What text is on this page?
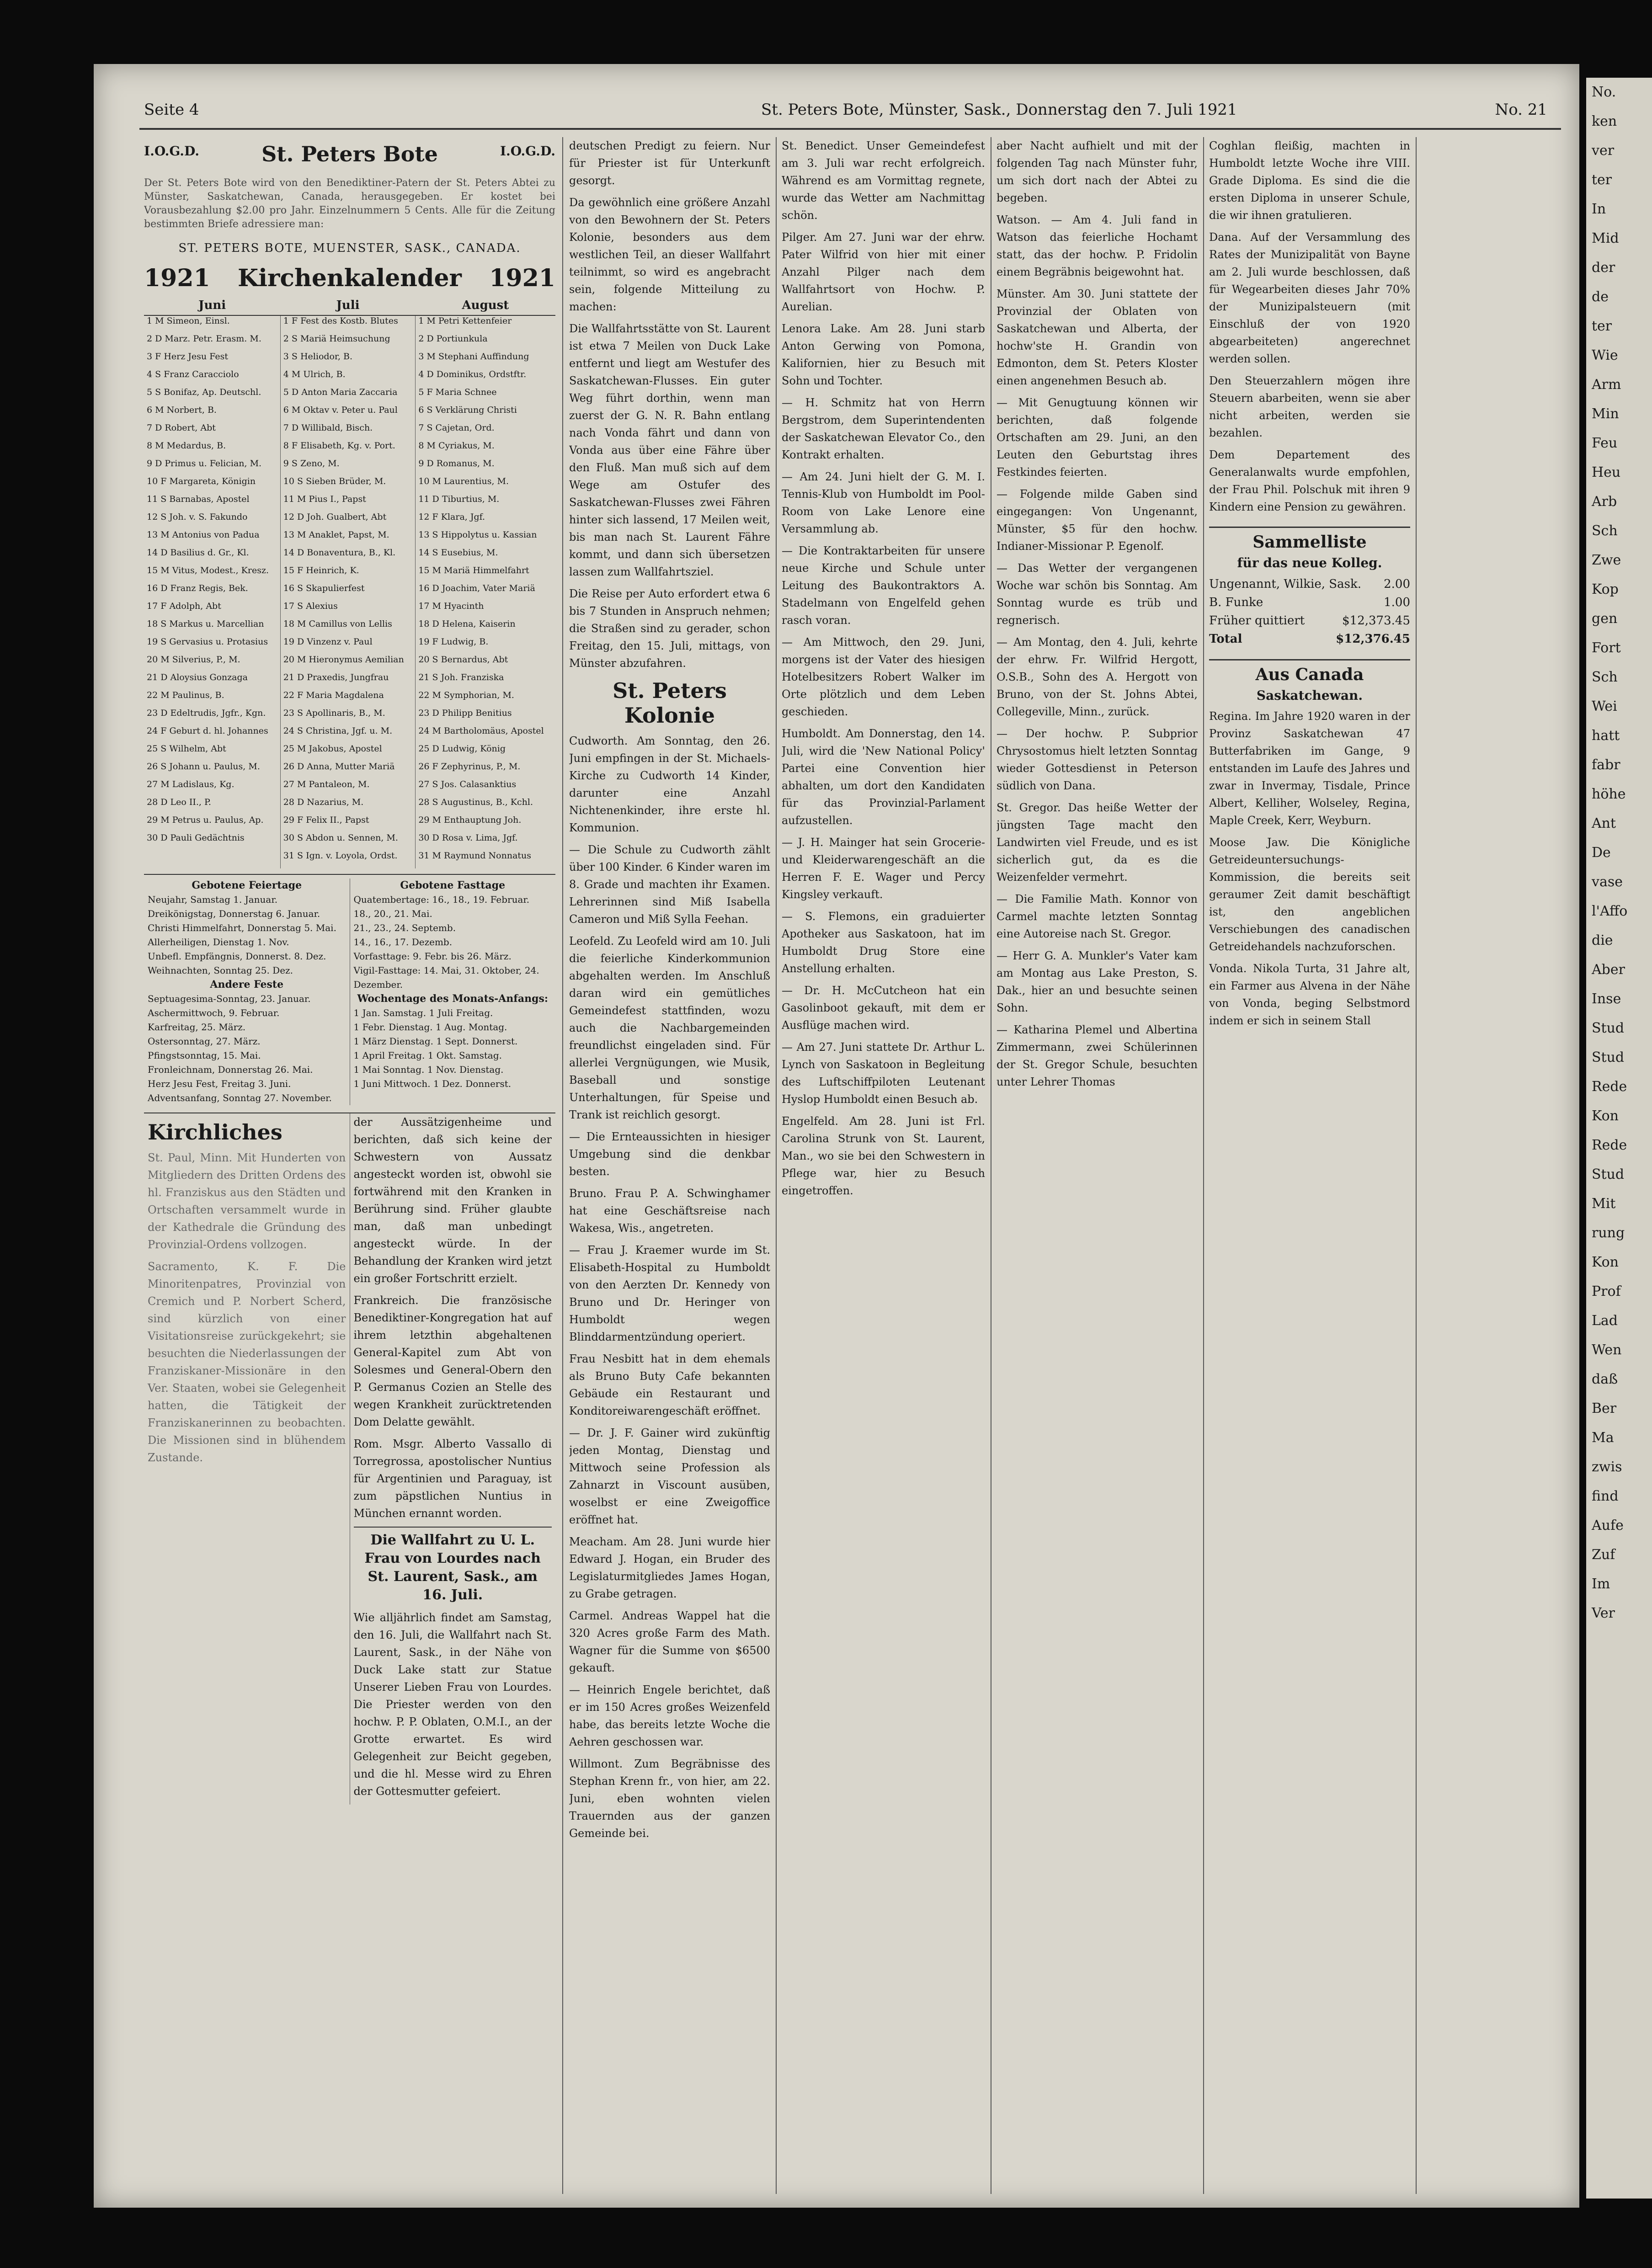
Seite 4	St. Peters Bote, Münster, Sask., Donnerstag den 7. Juli 1921	No. 21
I.O.G.D.	St. Peters Bote	I.O.G.D.

Der St. Peters Bote wird von den Benediktiner-Patern der St. Peters Abtei zu Münster, Saskatchewan, Canada, herausgegeben. Er kostet bei Vorausbezahlung $2.00 pro Jahr. Einzelnummern 5 Cents. Alle für die Zeitung bestimmten Briefe adressiere man:

ST. PETERS BOTE, MUENSTER, SASK., CANADA.
1921 Kirchenkalender 1921
Juni	Juli	August
1 M Simeon, Einsl.	1 F Fest des Kostb. Blutes	1 M Petri Kettenfeier
2 D Marz. Petr. Erasm. M.	2 S Mariä Heimsuchung	2 D Portiunkula
3 F Herz Jesu Fest	3 S Heliodor, B.	3 M Stephani Auffindung
4 S Franz Caracciolo	4 M Ulrich, B.	4 D Dominikus, Ordstftr.
5 S Bonifaz, Ap. Deutschl.	5 D Anton Maria Zaccaria	5 F Maria Schnee
6 M Norbert, B.	6 M Oktav v. Peter u. Paul	6 S Verklärung Christi
7 D Robert, Abt	7 D Willibald, Bisch.	7 S Cajetan, Ord.
8 M Medardus, B.	8 F Elisabeth, Kg. v. Port.	8 M Cyriakus, M.
9 D Primus u. Felician, M.	9 S Zeno, M.	9 D Romanus, M.
10 F Margareta, Königin	10 S Sieben Brüder, M.	10 M Laurentius, M.
11 S Barnabas, Apostel	11 M Pius I., Papst	11 D Tiburtius, M.
12 S Joh. v. S. Fakundo	12 D Joh. Gualbert, Abt	12 F Klara, Jgf.
13 M Antonius von Padua	13 M Anaklet, Papst, M.	13 S Hippolytus u. Kassian
14 D Basilius d. Gr., Kl.	14 D Bonaventura, B., Kl.	14 S Eusebius, M.
15 M Vitus, Modest., Kresz.	15 F Heinrich, K.	15 M Mariä Himmelfahrt
16 D Franz Regis, Bek.	16 S Skapulierfest	16 D Joachim, Vater Mariä
17 F Adolph, Abt	17 S Alexius	17 M Hyacinth
18 S Markus u. Marcellian	18 M Camillus von Lellis	18 D Helena, Kaiserin
19 S Gervasius u. Protasius	19 D Vinzenz v. Paul	19 F Ludwig, B.
20 M Silverius, P., M.	20 M Hieronymus Aemilian	20 S Bernardus, Abt
21 D Aloysius Gonzaga	21 D Praxedis, Jungfrau	21 S Joh. Franziska
22 M Paulinus, B.	22 F Maria Magdalena	22 M Symphorian, M.
23 D Edeltrudis, Jgfr., Kgn.	23 S Apollinaris, B., M.	23 D Philipp Benitius
24 F Geburt d. hl. Johannes	24 S Christina, Jgf. u. M.	24 M Bartholomäus, Apostel
25 S Wilhelm, Abt	25 M Jakobus, Apostel	25 D Ludwig, König
26 S Johann u. Paulus, M.	26 D Anna, Mutter Mariä	26 F Zephyrinus, P., M.
27 M Ladislaus, Kg.	27 M Pantaleon, M.	27 S Jos. Calasanktius
28 D Leo II., P.	28 D Nazarius, M.	28 S Augustinus, B., Kchl.
29 M Petrus u. Paulus, Ap.	29 F Felix II., Papst	29 M Enthauptung Joh.
30 D Pauli Gedächtnis	30 S Abdon u. Sennen, M.	30 D Rosa v. Lima, Jgf.
	31 S Ign. v. Loyola, Ordst.	31 M Raymund Nonnatus
Gebotene Feiertage
Neujahr, Samstag 1. Januar.
Dreikönigstag, Donnerstag 6. Januar.
Christi Himmelfahrt, Donnerstag 5. Mai.
Allerheiligen, Dienstag 1. Nov.
Unbefl. Empfängnis, Donnerst. 8. Dez.
Weihnachten, Sonntag 25. Dez.
Andere Feste
Septuagesima-Sonntag, 23. Januar.
Aschermittwoch, 9. Februar.
Karfreitag, 25. März.
Ostersonntag, 27. März.
Pfingstsonntag, 15. Mai.
Fronleichnam, Donnerstag 26. Mai.
Herz Jesu Fest, Freitag 3. Juni.
Adventsanfang, Sonntag 27. November.
Gebotene Fasttage
Quatembertage: 16., 18., 19. Februar.
18., 20., 21. Mai.
21., 23., 24. Septemb.
14., 16., 17. Dezemb.
Vorfasttage: 9. Febr. bis 26. März.
Vigil-Fasttage: 14. Mai, 31. Oktober, 24. Dezember.
Wochentage des Monats-Anfangs:
1 Jan. Samstag. 1 Juli Freitag.
1 Febr. Dienstag. 1 Aug. Montag.
1 März Dienstag. 1 Sept. Donnerst.
1 April Freitag. 1 Okt. Samstag.
1 Mai Sonntag. 1 Nov. Dienstag.
1 Juni Mittwoch. 1 Dez. Donnerst.
Kirchliches

St. Paul, Minn. Mit Hunderten von Mitgliedern des Dritten Ordens des hl. Franziskus aus den Städten und Ortschaften versammelt wurde in der Kathedrale die Gründung des Provinzial-Ordens vollzogen.

Sacramento, K. F. Die Minoritenpatres, Provinzial von Cremich und P. Norbert Scherd, sind kürzlich von einer Visitationsreise zurückgekehrt; sie besuchten die Niederlassungen der Franziskaner-Missionäre in den Ver. Staaten, wobei sie Gelegenheit hatten, die Tätigkeit der Franziskanerinnen zu beobachten. Die Missionen sind in blühendem Zustande.

der Aussätzigenheime und berichten, daß sich keine der Schwestern von Aussatz angesteckt worden ist, obwohl sie fortwährend mit den Kranken in Berührung sind. Früher glaubte man, daß man unbedingt angesteckt würde. In der Behandlung der Kranken wird jetzt ein großer Fortschritt erzielt.

Frankreich. Die französische Benediktiner-Kongregation hat auf ihrem letzthin abgehaltenen General-Kapitel zum Abt von Solesmes und General-Obern den P. Germanus Cozien an Stelle des wegen Krankheit zurücktretenden Dom Delatte gewählt.

Rom. Msgr. Alberto Vassallo di Torregrossa, apostolischer Nuntius für Argentinien und Paraguay, ist zum päpstlichen Nuntius in München ernannt worden.

Die Wallfahrt zu U. L. Frau von Lourdes nach St. Laurent, Sask., am 16. Juli.

Wie alljährlich findet am Samstag, den 16. Juli, die Wallfahrt nach St. Laurent, Sask., in der Nähe von Duck Lake statt zur Statue Unserer Lieben Frau von Lourdes. Die Priester werden von den hochw. P. P. Oblaten, O.M.I., an der Grotte erwartet. Es wird Gelegenheit zur Beicht gegeben, und die hl. Messe wird zu Ehren der Gottesmutter gefeiert.

deutschen Predigt zu feiern. Nur für Priester ist für Unterkunft gesorgt.

Da gewöhnlich eine größere Anzahl von den Bewohnern der St. Peters Kolonie, besonders aus dem westlichen Teil, an dieser Wallfahrt teilnimmt, so wird es angebracht sein, folgende Mitteilung zu machen:

Die Wallfahrtsstätte von St. Laurent ist etwa 7 Meilen von Duck Lake entfernt und liegt am Westufer des Saskatchewan-Flusses. Ein guter Weg führt dorthin, wenn man zuerst der G. N. R. Bahn entlang nach Vonda fährt und dann von Vonda aus über eine Fähre über den Fluß. Man muß sich auf dem Wege am Ostufer des Saskatchewan-Flusses zwei Fähren hinter sich lassend, 17 Meilen weit, bis man nach St. Laurent Fähre kommt, und dann sich übersetzen lassen zum Wallfahrtsziel.

Die Reise per Auto erfordert etwa 6 bis 7 Stunden in Anspruch nehmen; die Straßen sind zu gerader, schon Freitag, den 15. Juli, mittags, von Münster abzufahren.

St. Peters Kolonie

Cudworth. Am Sonntag, den 26. Juni empfingen in der St. Michaels-Kirche zu Cudworth 14 Kinder, darunter eine Anzahl Nichtenenkinder, ihre erste hl. Kommunion.

— Die Schule zu Cudworth zählt über 100 Kinder. 6 Kinder waren im 8. Grade und machten ihr Examen. Lehrerinnen sind Miß Isabella Cameron und Miß Sylla Feehan.

Leofeld. Zu Leofeld wird am 10. Juli die feierliche Kinderkommunion abgehalten werden. Im Anschluß daran wird ein gemütliches Gemeindefest stattfinden, wozu auch die Nachbargemeinden freundlichst eingeladen sind. Für allerlei Vergnügungen, wie Musik, Baseball und sonstige Unterhaltungen, für Speise und Trank ist reichlich gesorgt.

— Die Ernteaussichten in hiesiger Umgebung sind die denkbar besten.

Bruno. Frau P. A. Schwinghamer hat eine Geschäftsreise nach Wakesa, Wis., angetreten.

— Frau J. Kraemer wurde im St. Elisabeth-Hospital zu Humboldt von den Aerzten Dr. Kennedy von Bruno und Dr. Heringer von Humboldt wegen Blinddarmentzündung operiert.

Frau Nesbitt hat in dem ehemals als Bruno Buty Cafe bekannten Gebäude ein Restaurant und Konditoreiwarengeschäft eröffnet.

— Dr. J. F. Gainer wird zukünftig jeden Montag, Dienstag und Mittwoch seine Profession als Zahnarzt in Viscount ausüben, woselbst er eine Zweigoffice eröffnet hat.

Meacham. Am 28. Juni wurde hier Edward J. Hogan, ein Bruder des Legislaturmitgliedes James Hogan, zu Grabe getragen.

Carmel. Andreas Wappel hat die 320 Acres große Farm des Math. Wagner für die Summe von $6500 gekauft.

— Heinrich Engele berichtet, daß er im 150 Acres großes Weizenfeld habe, das bereits letzte Woche die Aehren geschossen war.

Willmont. Zum Begräbnisse des Stephan Krenn fr., von hier, am 22. Juni, eben wohnten vielen Trauernden aus der ganzen Gemeinde bei.

St. Benedict. Unser Gemeindefest am 3. Juli war recht erfolgreich. Während es am Vormittag regnete, wurde das Wetter am Nachmittag schön.

Pilger. Am 27. Juni war der ehrw. Pater Wilfrid von hier mit einer Anzahl Pilger nach dem Wallfahrtsort von Hochw. P. Aurelian.

Lenora Lake. Am 28. Juni starb Anton Gerwing von Pomona, Kalifornien, hier zu Besuch mit Sohn und Tochter.

— H. Schmitz hat von Herrn Bergstrom, dem Superintendenten der Saskatchewan Elevator Co., den Kontrakt erhalten.

— Am 24. Juni hielt der G. M. I. Tennis-Klub von Humboldt im Pool-Room von Lake Lenore eine Versammlung ab.

— Die Kontraktarbeiten für unsere neue Kirche und Schule unter Leitung des Baukontraktors A. Stadelmann von Engelfeld gehen rasch voran.

— Am Mittwoch, den 29. Juni, morgens ist der Vater des hiesigen Hotelbesitzers Robert Walker im Orte plötzlich und dem Leben geschieden.

Humboldt. Am Donnerstag, den 14. Juli, wird die 'New National Policy' Partei eine Convention hier abhalten, um dort den Kandidaten für das Provinzial-Parlament aufzustellen.

— J. H. Mainger hat sein Grocerie- und Kleiderwarengeschäft an die Herren F. E. Wager und Percy Kingsley verkauft.

— S. Flemons, ein graduierter Apotheker aus Saskatoon, hat im Humboldt Drug Store eine Anstellung erhalten.

— Dr. H. McCutcheon hat ein Gasolinboot gekauft, mit dem er Ausflüge machen wird.

— Am 27. Juni stattete Dr. Arthur L. Lynch von Saskatoon in Begleitung des Luftschiffpiloten Leutenant Hyslop Humboldt einen Besuch ab.

Engelfeld. Am 28. Juni ist Frl. Carolina Strunk von St. Laurent, Man., wo sie bei den Schwestern in Pflege war, hier zu Besuch eingetroffen.

aber Nacht aufhielt und mit der folgenden Tag nach Münster fuhr, um sich dort nach der Abtei zu begeben.

Watson. — Am 4. Juli fand in Watson das feierliche Hochamt statt, das der hochw. P. Fridolin einem Begräbnis beigewohnt hat.

Münster. Am 30. Juni stattete der Provinzial der Oblaten von Saskatchewan und Alberta, der hochw'ste H. Grandin von Edmonton, dem St. Peters Kloster einen angenehmen Besuch ab.

— Mit Genugtuung können wir berichten, daß folgende Ortschaften am 29. Juni, an den Leuten den Geburtstag ihres Festkindes feierten.

— Folgende milde Gaben sind eingegangen: Von Ungenannt, Münster, $5 für den hochw. Indianer-Missionar P. Egenolf.

— Das Wetter der vergangenen Woche war schön bis Sonntag. Am Sonntag wurde es trüb und regnerisch.

— Am Montag, den 4. Juli, kehrte der ehrw. Fr. Wilfrid Hergott, O.S.B., Sohn des A. Hergott von Bruno, von der St. Johns Abtei, Collegeville, Minn., zurück.

— Der hochw. P. Subprior Chrysostomus hielt letzten Sonntag wieder Gottesdienst in Peterson südlich von Dana.

St. Gregor. Das heiße Wetter der jüngsten Tage macht den Landwirten viel Freude, und es ist sicherlich gut, da es die Weizenfelder vermehrt.

— Die Familie Math. Konnor von Carmel machte letzten Sonntag eine Autoreise nach St. Gregor.

— Herr G. A. Munkler's Vater kam am Montag aus Lake Preston, S. Dak., hier an und besuchte seinen Sohn.

— Katharina Plemel und Albertina Zimmermann, zwei Schülerinnen der St. Gregor Schule, besuchten unter Lehrer Thomas

Coghlan fleißig, machten in Humboldt letzte Woche ihre VIII. Grade Diploma. Es sind die die ersten Diploma in unserer Schule, die wir ihnen gratulieren.

Dana. Auf der Versammlung des Rates der Munizipalität von Bayne am 2. Juli wurde beschlossen, daß für Wegearbeiten dieses Jahr 70% der Munizipalsteuern (mit Einschluß der von 1920 abgearbeiteten) angerechnet werden sollen.

Den Steuerzahlern mögen ihre Steuern abarbeiten, wenn sie aber nicht arbeiten, werden sie bezahlen.

Dem Departement des Generalanwalts wurde empfohlen, der Frau Phil. Polschuk mit ihren 9 Kindern eine Pension zu gewähren.

Sammelliste
für das neue Kolleg.
Ungenannt, Wilkie, Sask. 2.00
B. Funke	1.00
Früher quittiert	$12,373.45
Total	$12,376.45
Aus Canada
Saskatchewan.

Regina. Im Jahre 1920 waren in der Provinz Saskatchewan 47 Butterfabriken im Gange, 9 entstanden im Laufe des Jahres und zwar in Invermay, Tisdale, Prince Albert, Kelliher, Wolseley, Regina, Maple Creek, Kerr, Weyburn.

Moose Jaw. Die Königliche Getreideuntersuchungs-Kommission, die bereits seit geraumer Zeit damit beschäftigt ist, den angeblichen Verschiebungen des canadischen Getreidehandels nachzuforschen.

Vonda. Nikola Turta, 31 Jahre alt, ein Farmer aus Alvena in der Nähe von Vonda, beging Selbstmord indem er sich in seinem Stall

No.
ken
ver
ter
In
Mid
der
de
ter
Wie
Arm
Min
Feu
Heu
Arb
Sch
Zwe
Kop
gen
Fort
Sch
Wei
hatt
fabr
höhe
Ant
De
vase
l'Affo
die
Aber
Inse
Stud
Stud
Rede
Kon
Rede
Stud
Mit
rung
Kon
Prof
Lad
Wen
daß
Ber
Ma
zwis
find
Aufe
Zuf
Im
Ver
